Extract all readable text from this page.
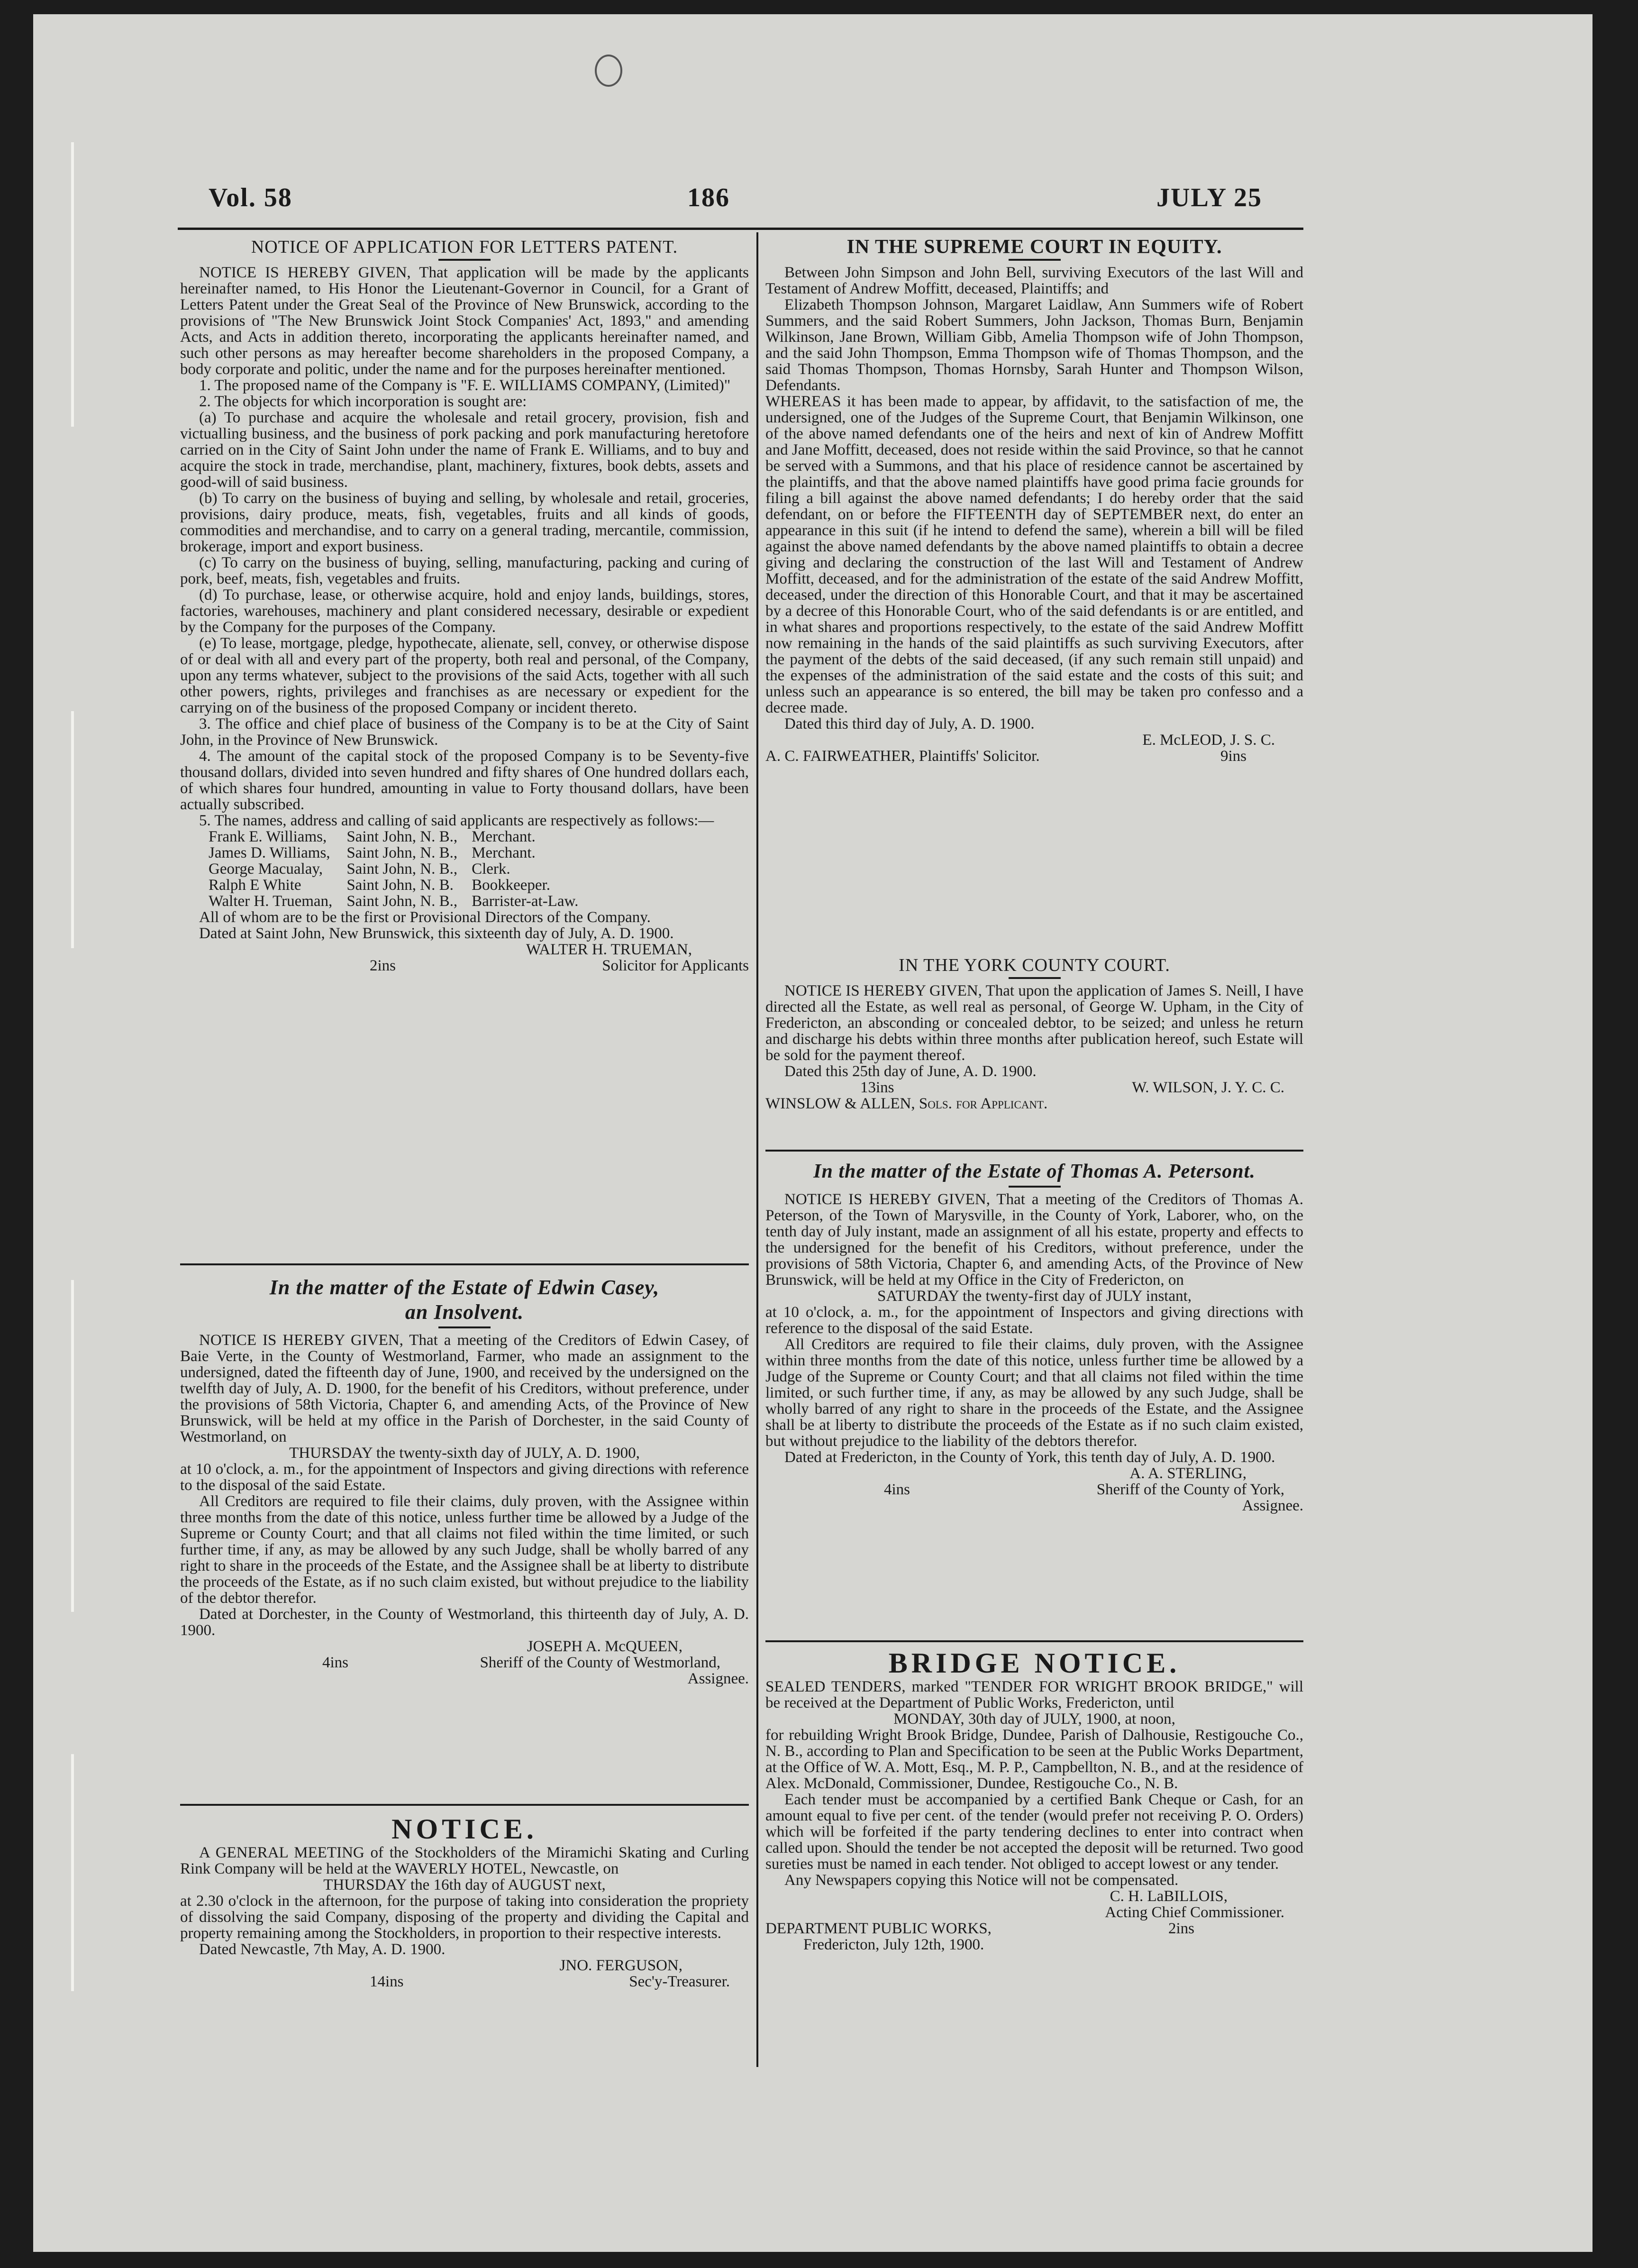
Vol. 58	186	JULY 25
NOTICE OF APPLICATION FOR LETTERS PATENT.

NOTICE IS HEREBY GIVEN, That application will be made by the applicants hereinafter named, to His Honor the Lieutenant-Governor in Council, for a Grant of Letters Patent under the Great Seal of the Province of New Brunswick, according to the provisions of "The New Brunswick Joint Stock Companies' Act, 1893," and amending Acts, and Acts in addition thereto, incorporating the applicants hereinafter named, and such other persons as may hereafter become shareholders in the proposed Company, a body corporate and politic, under the name and for the purposes hereinafter mentioned.

1. The proposed name of the Company is "F. E. WILLIAMS COMPANY, (Limited)"

2. The objects for which incorporation is sought are:

(a) To purchase and acquire the wholesale and retail grocery, provision, fish and victualling business, and the business of pork packing and pork manufacturing heretofore carried on in the City of Saint John under the name of Frank E. Williams, and to buy and acquire the stock in trade, merchandise, plant, machinery, fixtures, book debts, assets and good-will of said business.

(b) To carry on the business of buying and selling, by wholesale and retail, groceries, provisions, dairy produce, meats, fish, vegetables, fruits and all kinds of goods, commodities and merchandise, and to carry on a general trading, mercantile, commission, brokerage, import and export business.

(c) To carry on the business of buying, selling, manufacturing, packing and curing of pork, beef, meats, fish, vegetables and fruits.

(d) To purchase, lease, or otherwise acquire, hold and enjoy lands, buildings, stores, factories, warehouses, machinery and plant considered necessary, desirable or expedient by the Company for the purposes of the Company.

(e) To lease, mortgage, pledge, hypothecate, alienate, sell, convey, or otherwise dispose of or deal with all and every part of the property, both real and personal, of the Company, upon any terms whatever, subject to the provisions of the said Acts, together with all such other powers, rights, privileges and franchises as are necessary or expedient for the carrying on of the business of the proposed Company or incident thereto.

3. The office and chief place of business of the Company is to be at the City of Saint John, in the Province of New Brunswick.

4. The amount of the capital stock of the proposed Company is to be Seventy-five thousand dollars, divided into seven hundred and fifty shares of One hundred dollars each, of which shares four hundred, amounting in value to Forty thousand dollars, have been actually subscribed.

5. The names, address and calling of said applicants are respectively as follows:—

Frank E. Williams,	Saint John, N. B.,	Merchant.
James D. Williams,	Saint John, N. B.,	Merchant.
George Macualay,	Saint John, N. B.,	Clerk.
Ralph E White	Saint John, N. B.	Bookkeeper.
Walter H. Trueman,	Saint John, N. B.,	Barrister-at-Law.

All of whom are to be the first or Provisional Directors of the Company.

Dated at Saint John, New Brunswick, this sixteenth day of July, A. D. 1900.

WALTER H. TRUEMAN,

2ins	Solicitor for Applicants
In the matter of the Estate of Edwin Casey,
an Insolvent.

NOTICE IS HEREBY GIVEN, That a meeting of the Creditors of Edwin Casey, of Baie Verte, in the County of Westmorland, Farmer, who made an assignment to the undersigned, dated the fifteenth day of June, 1900, and received by the undersigned on the twelfth day of July, A. D. 1900, for the benefit of his Creditors, without preference, under the provisions of 58th Victoria, Chapter 6, and amending Acts, of the Province of New Brunswick, will be held at my office in the Parish of Dorchester, in the said County of Westmorland, on

THURSDAY the twenty-sixth day of JULY, A. D. 1900,

at 10 o'clock, a. m., for the appointment of Inspectors and giving directions with reference to the disposal of the said Estate.

All Creditors are required to file their claims, duly proven, with the Assignee within three months from the date of this notice, unless further time be allowed by a Judge of the Supreme or County Court; and that all claims not filed within the time limited, or such further time, if any, as may be allowed by any such Judge, shall be wholly barred of any right to share in the proceeds of the Estate, and the Assignee shall be at liberty to distribute the proceeds of the Estate, as if no such claim existed, but without prejudice to the liability of the debtor therefor.

Dated at Dorchester, in the County of Westmorland, this thirteenth day of July, A. D. 1900.

JOSEPH A. McQUEEN,

4ins	Sheriff of the County of Westmorland,

Assignee.

NOTICE.

A GENERAL MEETING of the Stockholders of the Miramichi Skating and Curling Rink Company will be held at the WAVERLY HOTEL, Newcastle, on

THURSDAY the 16th day of AUGUST next,

at 2.30 o'clock in the afternoon, for the purpose of taking into consideration the propriety of dissolving the said Company, disposing of the property and dividing the Capital and property remaining among the Stockholders, in proportion to their respective interests.

Dated Newcastle, 7th May, A. D. 1900.

JNO. FERGUSON,

14ins	Sec'y-Treasurer.
IN THE SUPREME COURT IN EQUITY.

Between John Simpson and John Bell, surviving Executors of the last Will and Testament of Andrew Moffitt, deceased, Plaintiffs; and

Elizabeth Thompson Johnson, Margaret Laidlaw, Ann Summers wife of Robert Summers, and the said Robert Summers, John Jackson, Thomas Burn, Benjamin Wilkinson, Jane Brown, William Gibb, Amelia Thompson wife of John Thompson, and the said John Thompson, Emma Thompson wife of Thomas Thompson, and the said Thomas Thompson, Thomas Hornsby, Sarah Hunter and Thompson Wilson, Defendants.

WHEREAS it has been made to appear, by affidavit, to the satisfaction of me, the undersigned, one of the Judges of the Supreme Court, that Benjamin Wilkinson, one of the above named defendants one of the heirs and next of kin of Andrew Moffitt and Jane Moffitt, deceased, does not reside within the said Province, so that he cannot be served with a Summons, and that his place of residence cannot be ascertained by the plaintiffs, and that the above named plaintiffs have good prima facie grounds for filing a bill against the above named defendants; I do hereby order that the said defendant, on or before the FIFTEENTH day of SEPTEMBER next, do enter an appearance in this suit (if he intend to defend the same), wherein a bill will be filed against the above named defendants by the above named plaintiffs to obtain a decree giving and declaring the construction of the last Will and Testament of Andrew Moffitt, deceased, and for the administration of the estate of the said Andrew Moffitt, deceased, under the direction of this Honorable Court, and that it may be ascertained by a decree of this Honorable Court, who of the said defendants is or are entitled, and in what shares and proportions respectively, to the estate of the said Andrew Moffitt now remaining in the hands of the said plaintiffs as such surviving Executors, after the payment of the debts of the said deceased, (if any such remain still unpaid) and the expenses of the administration of the said estate and the costs of this suit; and unless such an appearance is so entered, the bill may be taken pro confesso and a decree made.

Dated this third day of July, A. D. 1900.

E. McLEOD, J. S. C.

A. C. FAIRWEATHER, Plaintiffs' Solicitor.	9ins
IN THE YORK COUNTY COURT.

NOTICE IS HEREBY GIVEN, That upon the application of James S. Neill, I have directed all the Estate, as well real as personal, of George W. Upham, in the City of Fredericton, an absconding or concealed debtor, to be seized; and unless he return and discharge his debts within three months after publication hereof, such Estate will be sold for the payment thereof.

Dated this 25th day of June, A. D. 1900.

13ins	W. WILSON, J. Y. C. C.

WINSLOW & ALLEN, Sols. for Applicant.

In the matter of the Estate of Thomas A. Petersont.

NOTICE IS HEREBY GIVEN, That a meeting of the Creditors of Thomas A. Peterson, of the Town of Marysville, in the County of York, Laborer, who, on the tenth day of July instant, made an assignment of all his estate, property and effects to the undersigned for the benefit of his Creditors, without preference, under the provisions of 58th Victoria, Chapter 6, and amending Acts, of the Province of New Brunswick, will be held at my Office in the City of Fredericton, on

SATURDAY the twenty-first day of JULY instant,

at 10 o'clock, a. m., for the appointment of Inspectors and giving directions with reference to the disposal of the said Estate.

All Creditors are required to file their claims, duly proven, with the Assignee within three months from the date of this notice, unless further time be allowed by a Judge of the Supreme or County Court; and that all claims not filed within the time limited, or such further time, if any, as may be allowed by any such Judge, shall be wholly barred of any right to share in the proceeds of the Estate, and the Assignee shall be at liberty to distribute the proceeds of the Estate as if no such claim existed, but without prejudice to the liability of the debtors therefor.

Dated at Fredericton, in the County of York, this tenth day of July, A. D. 1900.

A. A. STERLING,

4ins	Sheriff of the County of York,

Assignee.

BRIDGE NOTICE.

SEALED TENDERS, marked "TENDER FOR WRIGHT BROOK BRIDGE," will be received at the Department of Public Works, Fredericton, until

MONDAY, 30th day of JULY, 1900, at noon,

for rebuilding Wright Brook Bridge, Dundee, Parish of Dalhousie, Restigouche Co., N. B., according to Plan and Specification to be seen at the Public Works Department, at the Office of W. A. Mott, Esq., M. P. P., Campbellton, N. B., and at the residence of Alex. McDonald, Commissioner, Dundee, Restigouche Co., N. B.

Each tender must be accompanied by a certified Bank Cheque or Cash, for an amount equal to five per cent. of the tender (would prefer not receiving P. O. Orders) which will be forfeited if the party tendering declines to enter into contract when called upon. Should the tender be not accepted the deposit will be returned. Two good sureties must be named in each tender. Not obliged to accept lowest or any tender.

Any Newspapers copying this Notice will not be compensated.

C. H. LaBILLOIS,

Acting Chief Commissioner.

DEPARTMENT PUBLIC WORKS,	2ins

Fredericton, July 12th, 1900.
